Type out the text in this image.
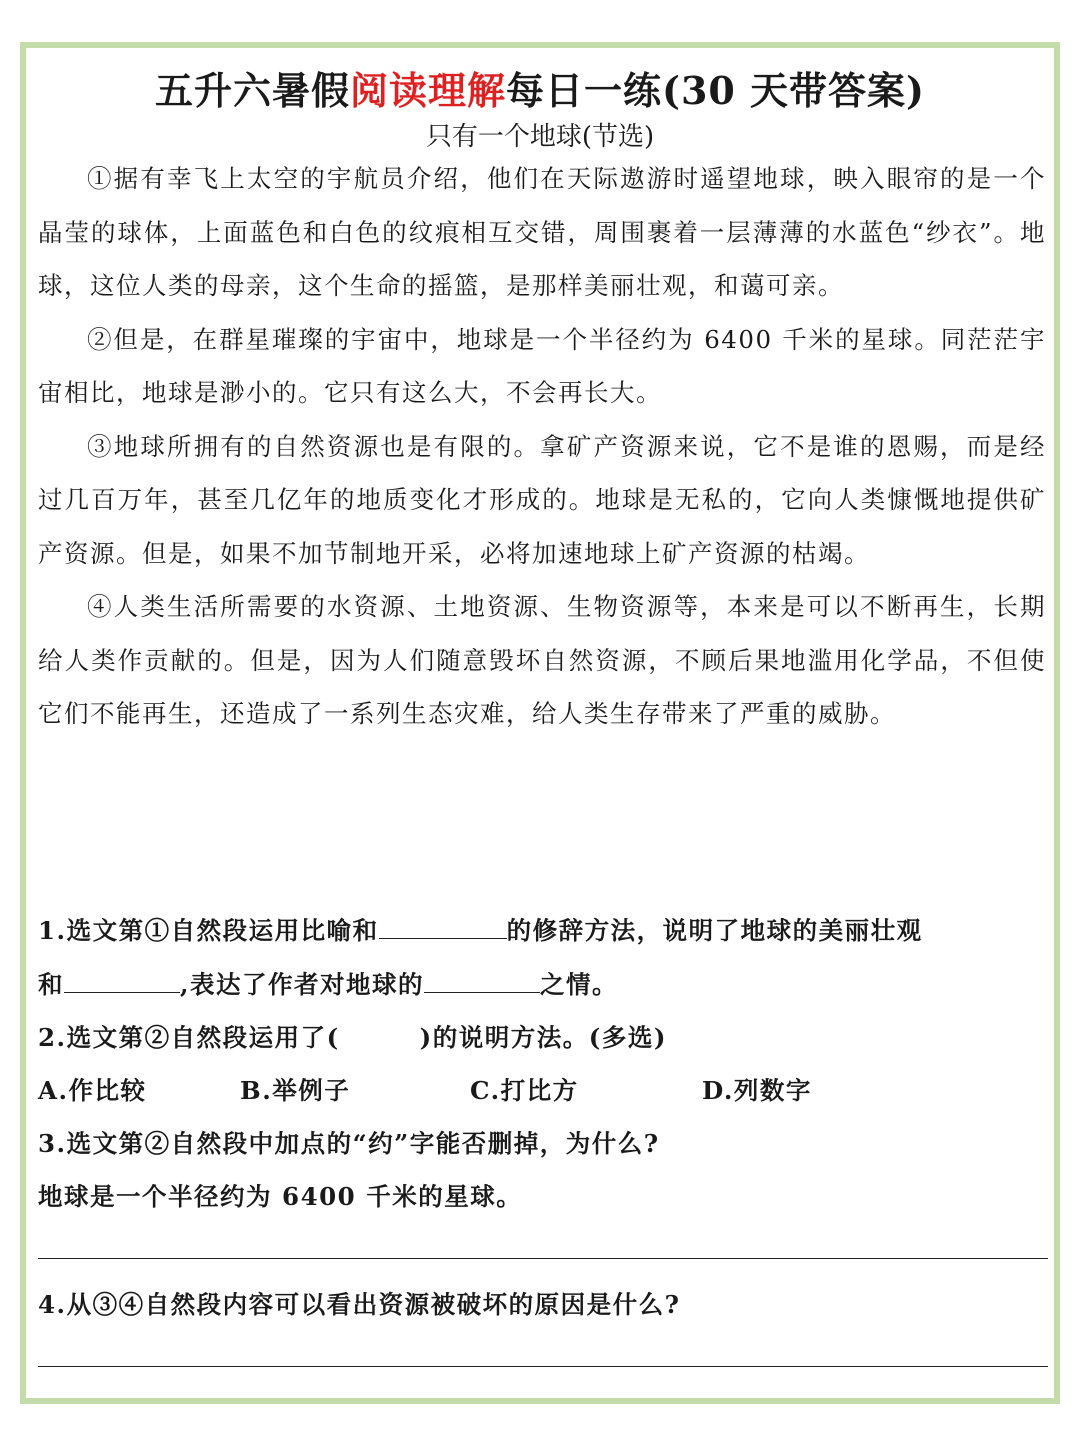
五升六暑假阅读理解每日一练(30 天带答案)
只有一个地球(节选)

①据有幸飞上太空的宇航员介绍，他们在天际遨游时遥望地球，映入眼帘的是一个晶莹的球体，上面蓝色和白色的纹痕相互交错，周围裹着一层薄薄的水蓝色“纱衣”。地球，这位人类的母亲，这个生命的摇篮，是那样美丽壮观，和蔼可亲。

②但是，在群星璀璨的宇宙中，地球是一个半径约为 6400 千米的星球。同茫茫宇宙相比，地球是渺小的。它只有这么大，不会再长大。

③地球所拥有的自然资源也是有限的。拿矿产资源来说，它不是谁的恩赐，而是经过几百万年，甚至几亿年的地质变化才形成的。地球是无私的，它向人类慷慨地提供矿产资源。但是，如果不加节制地开采，必将加速地球上矿产资源的枯竭。

④人类生活所需要的水资源、土地资源、生物资源等，本来是可以不断再生，长期给人类作贡献的。但是，因为人们随意毁坏自然资源，不顾后果地滥用化学品，不但使它们不能再生，还造成了一系列生态灾难，给人类生存带来了严重的威胁。

1.选文第①自然段运用比喻和	的修辞方法，说明了地球的美丽壮观
和	,表达了作者对地球的	之情。
2.选文第②自然段运用了(	)的说明方法。(多选)
A.作比较	B.举例子	C.打比方	D.列数字
3.选文第②自然段中加点的“约”字能否删掉，为什么?
地球是一个半径约为 6400 千米的星球。
4.从③④自然段内容可以看出资源被破坏的原因是什么?
